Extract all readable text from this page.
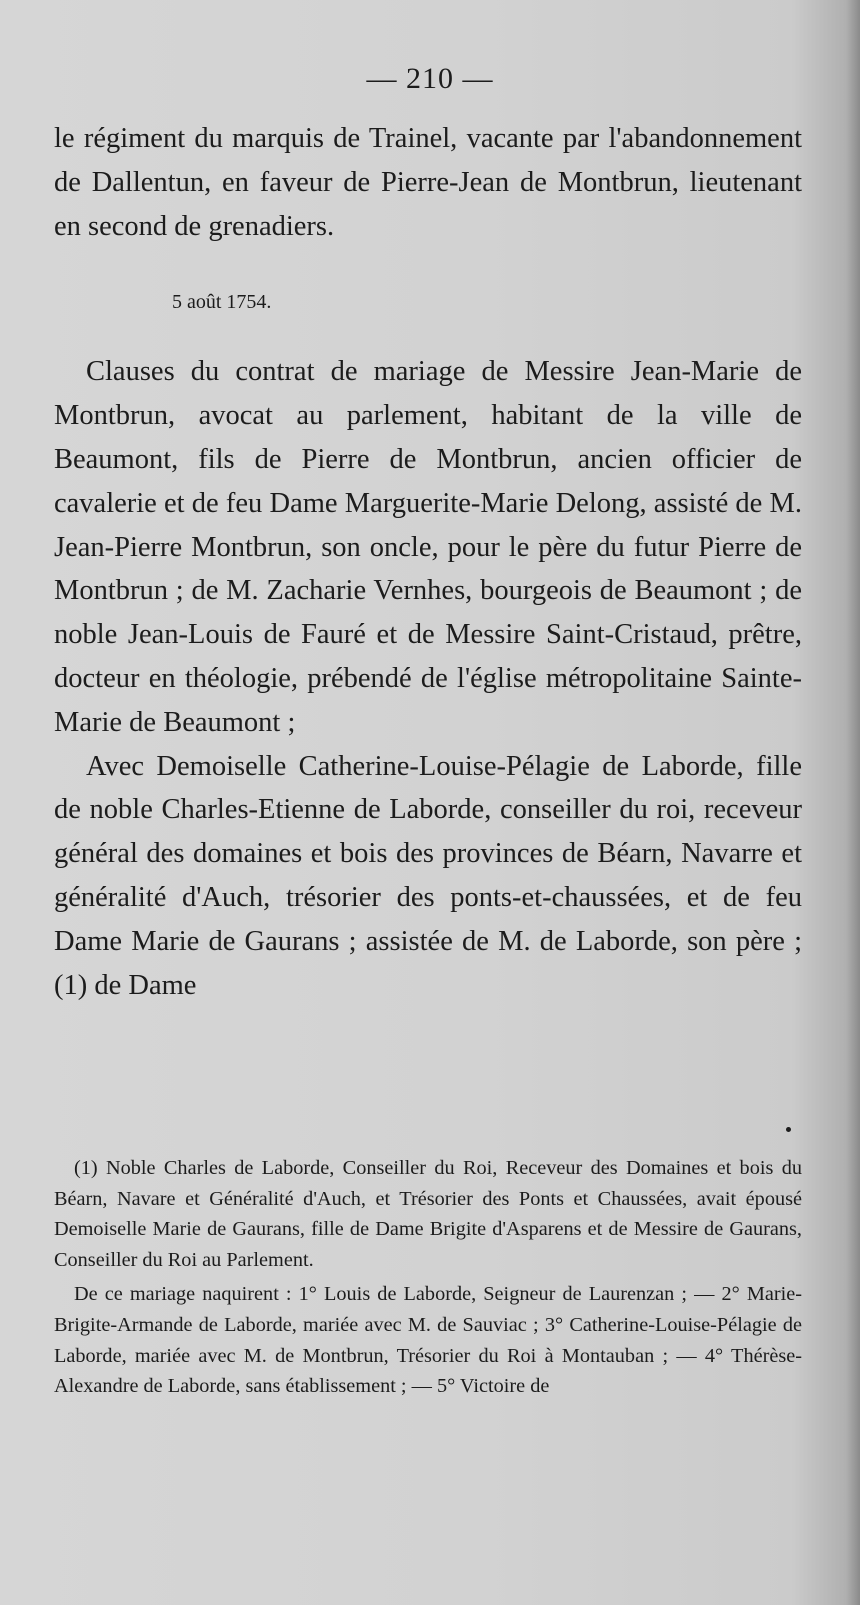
— 210 —

le régiment du marquis de Trainel, vacante par l'abandonnement de Dallentun, en faveur de Pierre-Jean de Montbrun, lieutenant en second de grenadiers.

5 août 1754.

Clauses du contrat de mariage de Messire Jean-Marie de Montbrun, avocat au parlement, habitant de la ville de Beaumont, fils de Pierre de Montbrun, ancien officier de cavalerie et de feu Dame Marguerite-Marie Delong, assisté de M. Jean-Pierre Montbrun, son oncle, pour le père du futur Pierre de Montbrun ; de M. Zacharie Vernhes, bourgeois de Beaumont ; de noble Jean-Louis de Fauré et de Messire Saint-Cristaud, prêtre, docteur en théologie, prébendé de l'église métropolitaine Sainte-Marie de Beaumont ;

Avec Demoiselle Catherine-Louise-Pélagie de Laborde, fille de noble Charles-Etienne de Laborde, conseiller du roi, receveur général des domaines et bois des provinces de Béarn, Navarre et généralité d'Auch, trésorier des ponts-et-chaussées, et de feu Dame Marie de Gaurans ; assistée de M. de Laborde, son père ; (1) de Dame

(1) Noble Charles de Laborde, Conseiller du Roi, Receveur des Domaines et bois du Béarn, Navare et Généralité d'Auch, et Trésorier des Ponts et Chaussées, avait épousé Demoiselle Marie de Gaurans, fille de Dame Brigite d'Asparens et de Messire de Gaurans, Conseiller du Roi au Parlement.

De ce mariage naquirent : 1° Louis de Laborde, Seigneur de Laurenzan ; — 2° Marie-Brigite-Armande de Laborde, mariée avec M. de Sauviac ; 3° Catherine-Louise-Pélagie de Laborde, mariée avec M. de Montbrun, Trésorier du Roi à Montauban ; — 4° Thérèse-Alexandre de Laborde, sans établissement ; — 5° Victoire de
